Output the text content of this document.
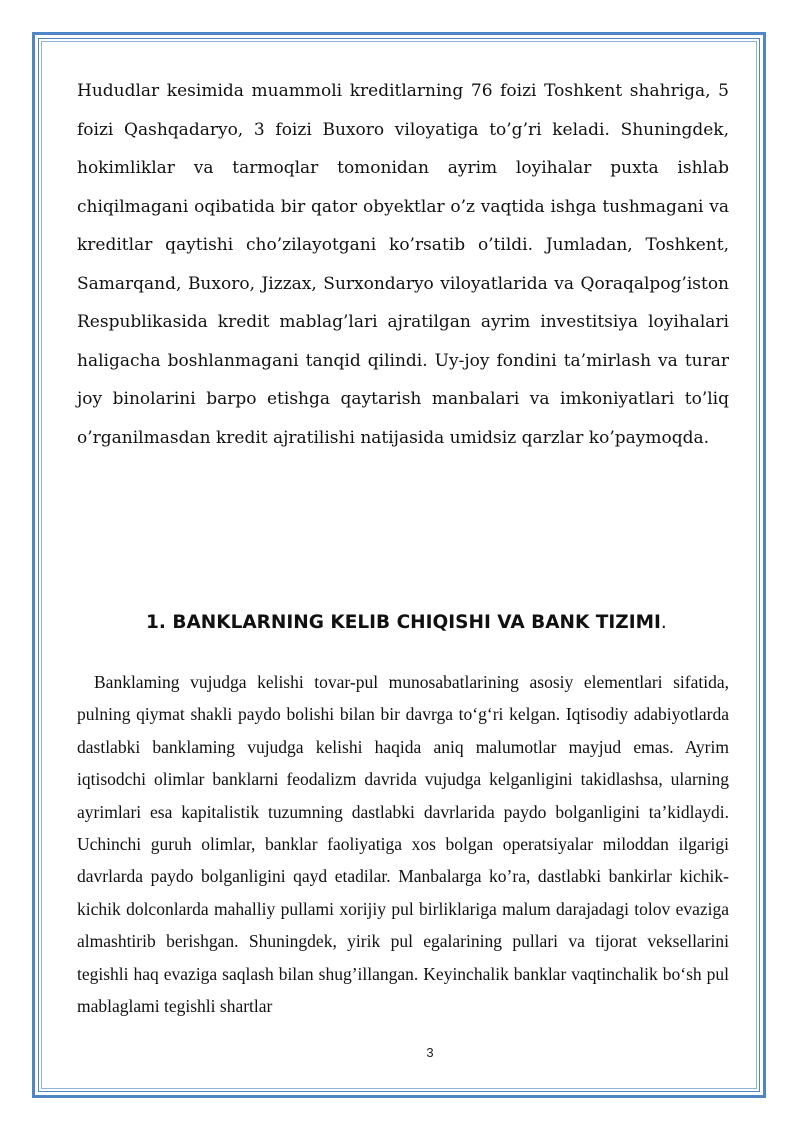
Hududlar kesimida muammoli kreditlarning 76 foizi Toshkent shahriga, 5 foizi Qashqadaryo, 3 foizi Buxoro viloyatiga to’g’ri keladi. Shuningdek, hokimliklar va tarmoqlar tomonidan ayrim loyihalar puxta ishlab chiqilmagani oqibatida bir qator obyektlar o’z vaqtida ishga tushmagani va kreditlar qaytishi cho’zilayotgani ko’rsatib o’tildi. Jumladan, Toshkent, Samarqand, Buxoro, Jizzax, Surxondaryo viloyatlarida va Qoraqalpog’iston Respublikasida kredit mablag’lari ajratilgan ayrim investitsiya loyihalari haligacha boshlanmagani tanqid qilindi. Uy-joy fondini ta’mirlash va turar joy binolarini barpo etishga qaytarish manbalari va imkoniyatlari to’liq o’rganilmasdan kredit ajratilishi natijasida umidsiz qarzlar ko’paymoqda.

1. BANKLARNING KELIB CHIQISHI VA BANK TIZIMI.

Banklaming vujudga kelishi tovar-pul munosabatlarining asosiy elementlari sifatida, pulning qiymat shakli paydo bolishi bilan bir davrga to‘g‘ri kelgan. Iqtisodiy adabiyotlarda dastlabki banklaming vujudga kelishi haqida aniq malumotlar mayjud emas. Ayrim iqtisodchi olimlar banklarni feodalizm davrida vujudga kelganligini takidlashsa, ularning ayrimlari esa kapitalistik tuzumning dastlabki davrlarida paydo bolganligini ta’kidlaydi. Uchinchi guruh olimlar, banklar faoliyatiga xos bolgan operatsiyalar miloddan ilgarigi davrlarda paydo bolganligini qayd etadilar. Manbalarga ko’ra, dastlabki bankirlar kichik-kichik dolconlarda mahalliy pullami xorijiy pul birliklariga malum darajadagi tolov evaziga almashtirib berishgan. Shuningdek, yirik pul egalarining pullari va tijorat veksellarini tegishli haq evaziga saqlash bilan shug’illangan. Keyinchalik banklar vaqtinchalik bo‘sh pul mablaglami tegishli shartlar

3
